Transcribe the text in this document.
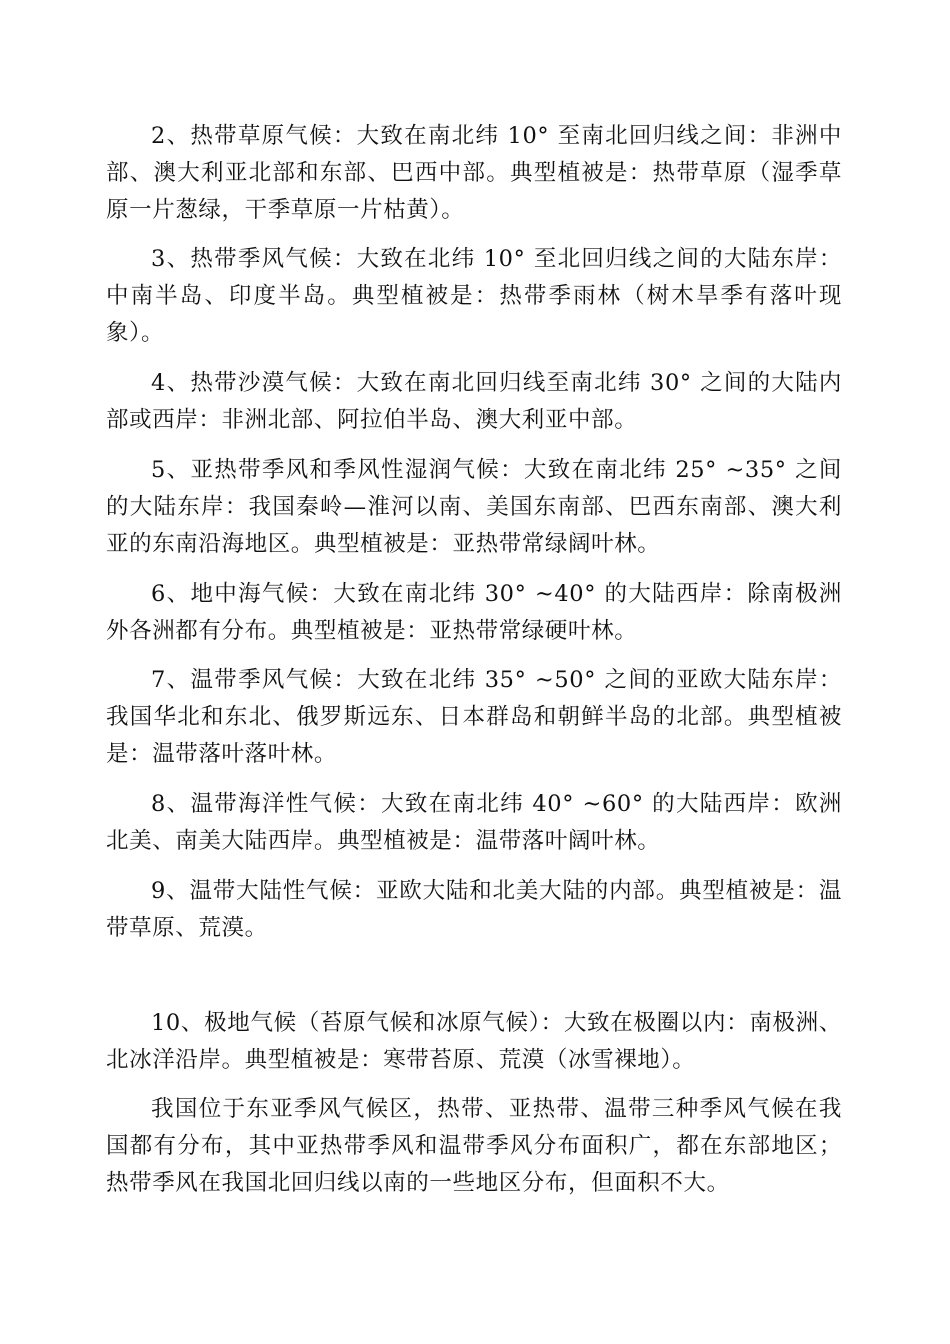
2、热带草原气候：大致在南北纬 10° 至南北回归线之间：非洲中部、澳大利亚北部和东部、巴西中部。典型植被是：热带草原（湿季草原一片葱绿，干季草原一片枯黄）。

3、热带季风气候：大致在北纬 10° 至北回归线之间的大陆东岸：中南半岛、印度半岛。典型植被是：热带季雨林（树木旱季有落叶现象）。

4、热带沙漠气候：大致在南北回归线至南北纬 30° 之间的大陆内部或西岸：非洲北部、阿拉伯半岛、澳大利亚中部。

5、亚热带季风和季风性湿润气候：大致在南北纬 25° ~35° 之间的大陆东岸：我国秦岭—淮河以南、美国东南部、巴西东南部、澳大利亚的东南沿海地区。典型植被是：亚热带常绿阔叶林。

6、地中海气候：大致在南北纬 30° ~40° 的大陆西岸：除南极洲外各洲都有分布。典型植被是：亚热带常绿硬叶林。

7、温带季风气候：大致在北纬 35° ~50° 之间的亚欧大陆东岸：我国华北和东北、俄罗斯远东、日本群岛和朝鲜半岛的北部。典型植被是：温带落叶落叶林。

8、温带海洋性气候：大致在南北纬 40° ~60° 的大陆西岸：欧洲北美、南美大陆西岸。典型植被是：温带落叶阔叶林。

9、温带大陆性气候：亚欧大陆和北美大陆的内部。典型植被是：温带草原、荒漠。

10、极地气候（苔原气候和冰原气候）：大致在极圈以内：南极洲、北冰洋沿岸。典型植被是：寒带苔原、荒漠（冰雪裸地）。

我国位于东亚季风气候区，热带、亚热带、温带三种季风气候在我国都有分布，其中亚热带季风和温带季风分布面积广，都在东部地区；热带季风在我国北回归线以南的一些地区分布，但面积不大。
